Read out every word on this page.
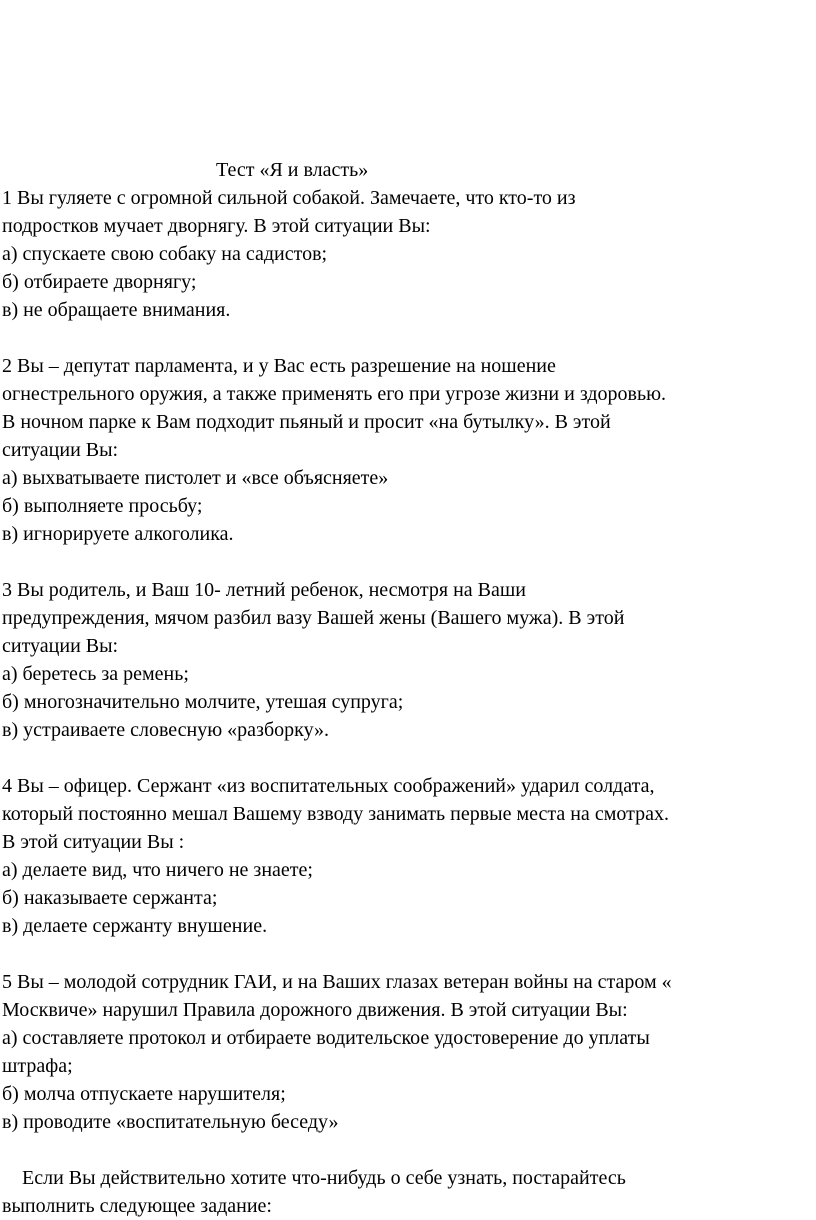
Тест «Я и власть»
1 Вы гуляете с огромной сильной собакой. Замечаете, что кто-то из
подростков мучает дворнягу. В этой ситуации Вы:
а) спускаете свою собаку на садистов;
б) отбираете дворнягу;
в) не обращаете внимания.
2 Вы – депутат парламента, и у Вас есть разрешение на ношение
огнестрельного оружия, а также применять его при угрозе жизни и здоровью.
В ночном парке к Вам подходит пьяный и просит «на бутылку». В этой
ситуации Вы:
а) выхватываете пистолет и «все объясняете»
б) выполняете просьбу;
в) игнорируете алкоголика.
3 Вы родитель, и Ваш 10- летний ребенок, несмотря на Ваши
предупреждения, мячом разбил вазу Вашей жены (Вашего мужа). В этой
ситуации Вы:
а) беретесь за ремень;
б) многозначительно молчите, утешая супруга;
в) устраиваете словесную «разборку».
4 Вы – офицер. Сержант «из воспитательных соображений» ударил солдата,
который постоянно мешал Вашему взводу занимать первые места на смотрах.
В этой ситуации Вы :
а) делаете вид, что ничего не знаете;
б) наказываете сержанта;
в) делаете сержанту внушение.
5 Вы – молодой сотрудник ГАИ, и на Ваших глазах ветеран войны на старом «
Москвиче» нарушил Правила дорожного движения. В этой ситуации Вы:
а) составляете протокол и отбираете водительское удостоверение до уплаты
штрафа;
б) молча отпускаете нарушителя;
в) проводите «воспитательную беседу»
Если Вы действительно хотите что-нибудь о себе узнать, постарайтесь
выполнить следующее задание:
